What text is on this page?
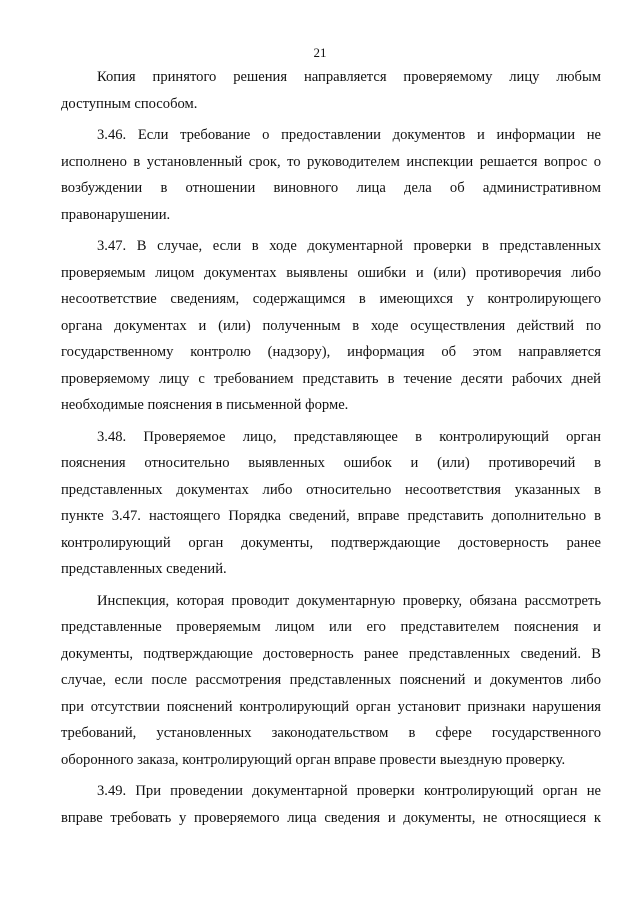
21
Копия принятого решения направляется проверяемому лицу любым
доступным способом.
3.46. Если требование о предоставлении документов и информации не
исполнено в установленный срок, то руководителем инспекции решается вопрос о
возбуждении в отношении виновного лица дела об административном
правонарушении.
3.47. В случае, если в ходе документарной проверки в представленных
проверяемым лицом документах выявлены ошибки и (или) противоречия либо
несоответствие сведениям, содержащимся в имеющихся у контролирующего
органа документах и (или) полученным в ходе осуществления действий по
государственному контролю (надзору), информация об этом направляется
проверяемому лицу с требованием представить в течение десяти рабочих дней
необходимые пояснения в письменной форме.
3.48. Проверяемое лицо, представляющее в контролирующий орган
пояснения относительно выявленных ошибок и (или) противоречий в
представленных документах либо относительно несоответствия указанных в
пункте 3.47. настоящего Порядка сведений, вправе представить дополнительно в
контролирующий орган документы, подтверждающие достоверность ранее
представленных сведений.
Инспекция, которая проводит документарную проверку, обязана рассмотреть
представленные проверяемым лицом или его представителем пояснения и
документы, подтверждающие достоверность ранее представленных сведений. В
случае, если после рассмотрения представленных пояснений и документов либо
при отсутствии пояснений контролирующий орган установит признаки нарушения
требований, установленных законодательством в сфере государственного
оборонного заказа, контролирующий орган вправе провести выездную проверку.
3.49. При проведении документарной проверки контролирующий орган не
вправе требовать у проверяемого лица сведения и документы, не относящиеся к
